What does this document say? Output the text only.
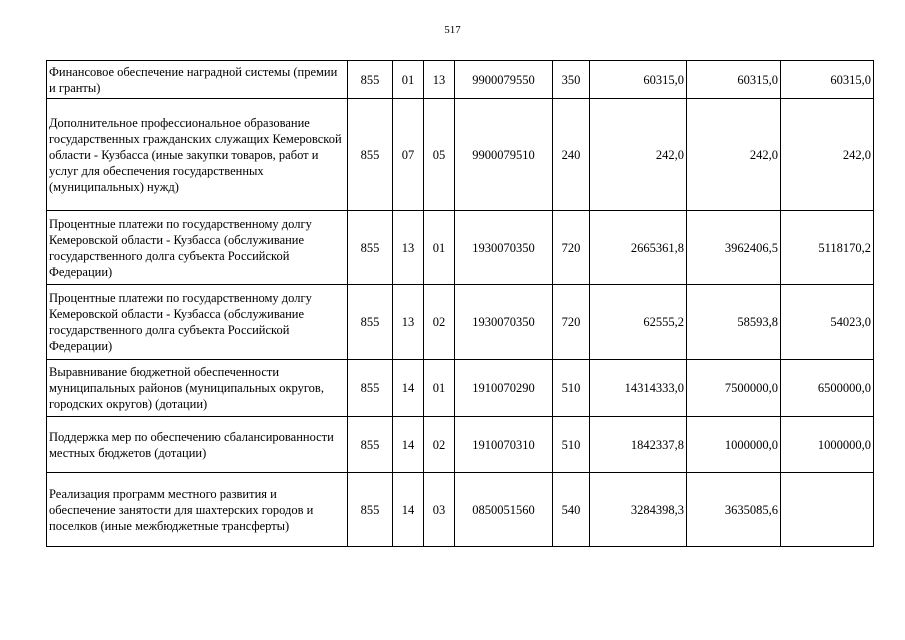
517
Финансовое обеспечение наградной системы (премии и гранты)	855	01	13	9900079550	350	60315,0	60315,0	60315,0
Дополнительное профессиональное образование государственных гражданских служащих Кемеровской области - Кузбасса (иные закупки товаров, работ и услуг для обеспечения государственных (муниципальных) нужд)	855	07	05	9900079510	240	242,0	242,0	242,0
Процентные платежи по государственному долгу Кемеровской области - Кузбасса (обслуживание государственного долга субъекта Российской Федерации)	855	13	01	1930070350	720	2665361,8	3962406,5	5118170,2
Процентные платежи по государственному долгу Кемеровской области - Кузбасса (обслуживание государственного долга субъекта Российской Федерации)	855	13	02	1930070350	720	62555,2	58593,8	54023,0
Выравнивание бюджетной обеспеченности муниципальных районов (муниципальных округов, городских округов) (дотации)	855	14	01	1910070290	510	14314333,0	7500000,0	6500000,0
Поддержка мер по обеспечению сбалансированности местных бюджетов (дотации)	855	14	02	1910070310	510	1842337,8	1000000,0	1000000,0
Реализация программ местного развития и обеспечение занятости для шахтерских городов и поселков (иные межбюджетные трансферты)	855	14	03	0850051560	540	3284398,3	3635085,6	
